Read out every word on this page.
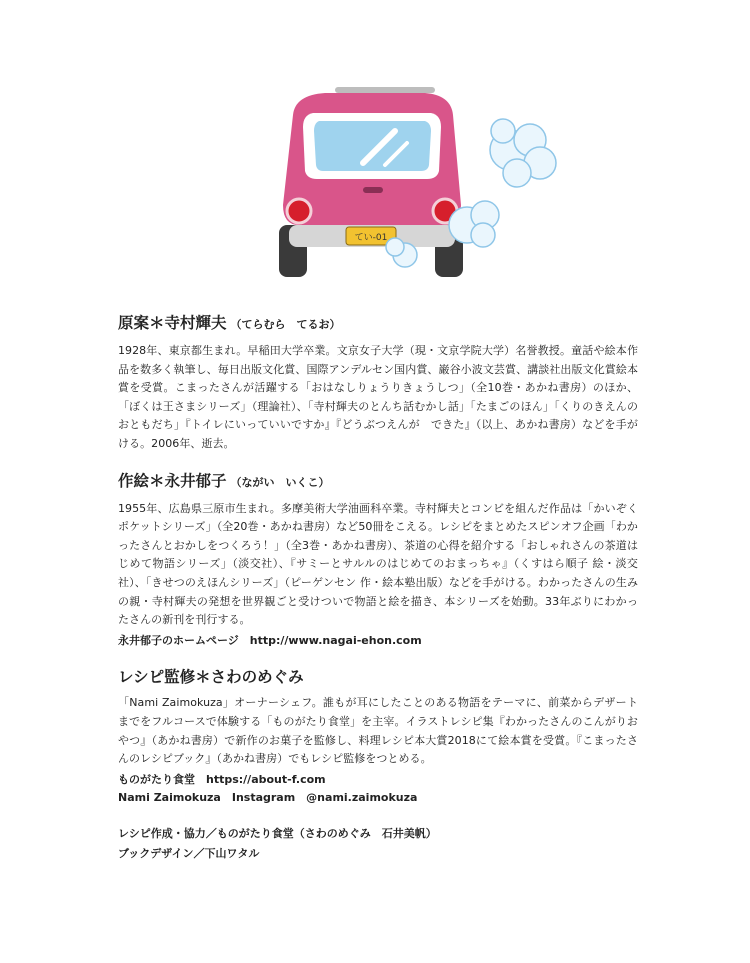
てい-01

原案＊寺村輝夫 （てらむら　てるお）

1928年、東京都生まれ。早稲田大学卒業。文京女子大学（現・文京学院大学）名誉教授。童話や絵本作品を数多く執筆し、毎日出版文化賞、国際アンデルセン国内賞、巌谷小波文芸賞、講談社出版文化賞絵本賞を受賞。こまったさんが活躍する「おはなしりょうりきょうしつ」（全10巻・あかね書房）のほか、「ぼくは王さまシリーズ」（理論社）、「寺村輝夫のとんち話むかし話」「たまごのほん」「くりのきえんのおともだち」『トイレにいっていいですか』『どうぶつえんが　できた』（以上、あかね書房）などを手がける。2006年、逝去。

作絵＊永井郁子 （ながい　いくこ）

1955年、広島県三原市生まれ。多摩美術大学油画科卒業。寺村輝夫とコンビを組んだ作品は「かいぞくポケットシリーズ」（全20巻・あかね書房）など50冊をこえる。レシピをまとめたスピンオフ企画「わかったさんとおかしをつくろう！」（全3巻・あかね書房）、茶道の心得を紹介する「おしゃれさんの茶道はじめて物語シリーズ」（淡交社）、『サミーとサルルのはじめてのおまっちゃ』（くすはら順子 絵・淡交社）、「きせつのえほんシリーズ」（ピーゲンセン 作・絵本塾出版）などを手がける。わかったさんの生みの親・寺村輝夫の発想を世界観ごと受けついで物語と絵を描き、本シリーズを始動。33年ぶりにわかったさんの新刊を刊行する。

永井郁子のホームページ　http://www.nagai-ehon.com

レシピ監修＊さわのめぐみ

「Nami Zaimokuza」オーナーシェフ。誰もが耳にしたことのある物語をテーマに、前菜からデザートまでをフルコースで体験する「ものがたり食堂」を主宰。イラストレシピ集『わかったさんのこんがりおやつ』（あかね書房）で新作のお菓子を監修し、料理レシピ本大賞2018にて絵本賞を受賞。『こまったさんのレシピブック』（あかね書房）でもレシピ監修をつとめる。

ものがたり食堂　https://about-f.com

Nami Zaimokuza　Instagram　@nami.zaimokuza

レシピ作成・協力／ものがたり食堂（さわのめぐみ　石井美帆）

ブックデザイン／下山ワタル
